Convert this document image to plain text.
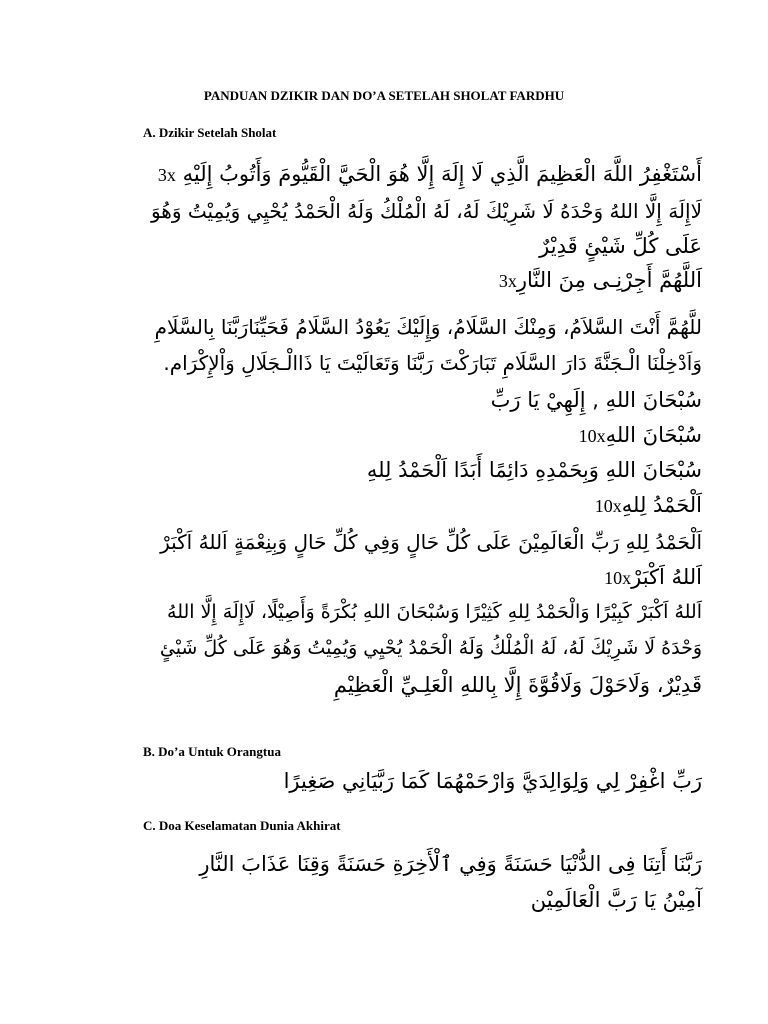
PANDUAN DZIKIR DAN DO’A SETELAH SHOLAT FARDHU
A. Dzikir Setelah Sholat
أَسْتَغْفِرُ اللَّهَ الْعَظِيمَ الَّذِي لَا إِلَهَ إِلَّا هُوَ الْحَيَّ الْقَيُّومَ وَأَتُوبُ إِلَيْهِ 3x
لَاإِلَهَ إِلَّا اللهُ وَحْدَهُ لَا شَرِيْكَ لَهُ، لَهُ الْمُلْكُ وَلَهُ الْحَمْدُ يُحْيِي وَيُمِيْتُ وَهُوَ
عَلَى كُلِّ شَيْئٍ قَدِيْرٌ
اَللَّهُمَّ أَجِرْنِـى مِنَ النَّارِ3x
للَّهُمَّ أَنْتَ السَّلاَمُ، وَمِنْكَ السَّلَامُ، وَإِلَيْكَ يَعُوْدُ السَّلَامُ فَحَيِّنَارَبَّنَا بِالسَّلَامِ
وَاَدْخِلْنَا الْـجَنَّةَ دَارَ السَّلَامِ تَبَارَكْتَ رَبَّنَا وَتَعَالَيْتَ يَا ذَاالْـجَلَالِ وَاْلإِكْرَام.
سُبْحَانَ اللهِ , إِلَهِيْ يَا رَبِّ
سُبْحَانَ اللهِ10x
سُبْحَانَ اللهِ وَبِحَمْدِهِ دَائِمًا أَبَدًا اَلْحَمْدُ لِلهِ
اَلْحَمْدُ لِلهِ10x
اَلْحَمْدُ لِلهِ رَبِّ الْعَالَمِيْنَ عَلَى كُلِّ حَالٍ وَفِي كُلِّ حَالٍ وَبِنِعْمَةٍ اَللهُ اَكْبَرْ
اَللهُ اَكْبَرْ10x
اَللهُ اَكْبَرْ كَبِيْرًا وَالْحَمْدُ لِلهِ كَثِيْرًا وَسُبْحَانَ اللهِ بُكْرَةً وَأَصِيْلًا، لَاإِلَهَ إِلَّا اللهُ
وَحْدَهُ لَا شَرِيْكَ لَهُ، لَهُ الْمُلْكُ وَلَهُ الْحَمْدُ يُحْيِي وَيُمِيْتُ وَهُوَ عَلَى كُلِّ شَيْئٍ
قَدِيْرٌ، وَلَاحَوْلَ وَلَاقُوَّةَ إِلَّا بِاللهِ الْعَلِـيِّ الْعَظِيْمِ
B. Do’a Untuk Orangtua
رَبِّ اغْفِرْ لِي وَلِوَالِدَيَّ وَارْحَمْهُمَا كَمَا رَبَّيَانِي صَغِيرًا
C. Doa Keselamatan Dunia Akhirat
رَبَّنَا أَتِنَا فِى الدُّنْيَا حَسَنَةً وَفِي ٱلْأَخِرَةِ حَسَنَةً وَقِنَا عَذَابَ النَّارِ
آمِيْنُ يَا رَبَّ الْعَالَمِيْن
